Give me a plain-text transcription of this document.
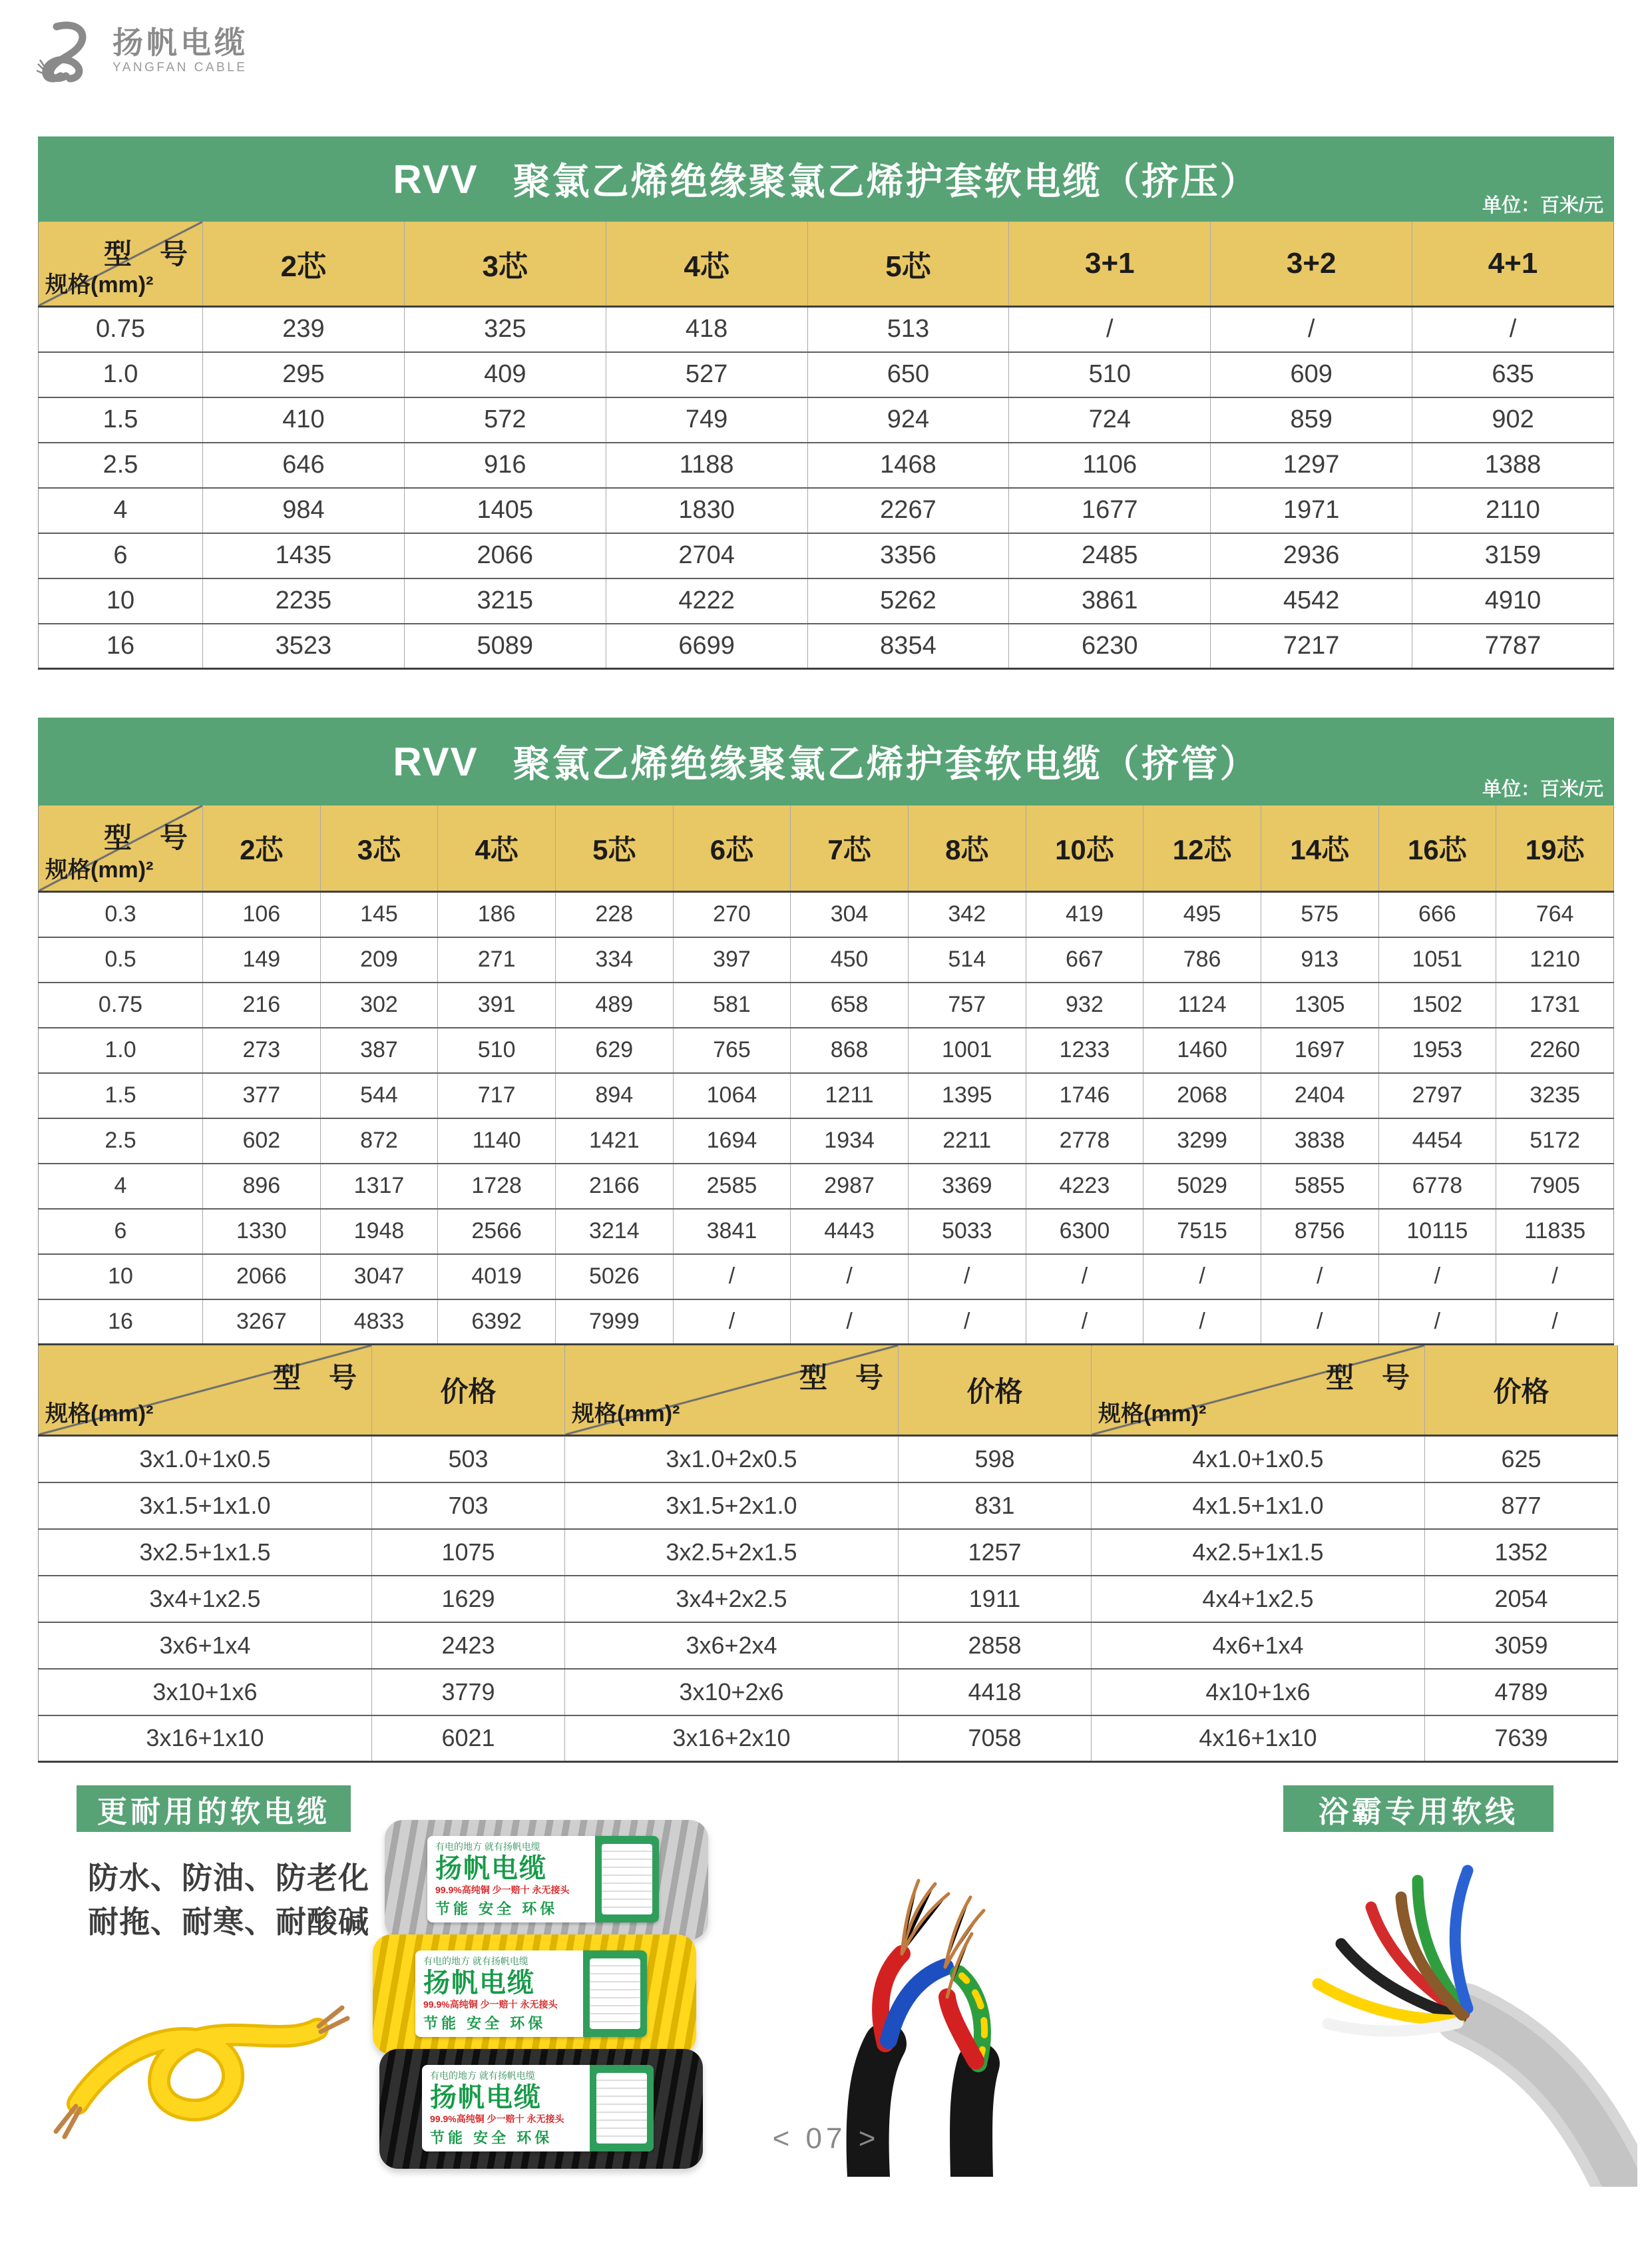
扬帆电缆
YANGFAN CABLE
RVV 聚氯乙烯绝缘聚氯乙烯护套软电缆（挤压）
单位：百米/元
型　号
规格(mm)²	2芯	3芯	4芯	5芯	3+1	3+2	4+1
0.75	239	325	418	513	/	/	/
1.0	295	409	527	650	510	609	635
1.5	410	572	749	924	724	859	902
2.5	646	916	1188	1468	1106	1297	1388
4	984	1405	1830	2267	1677	1971	2110
6	1435	2066	2704	3356	2485	2936	3159
10	2235	3215	4222	5262	3861	4542	4910
16	3523	5089	6699	8354	6230	7217	7787
RVV 聚氯乙烯绝缘聚氯乙烯护套软电缆（挤管）
单位：百米/元
型　号
规格(mm)²	2芯	3芯	4芯	5芯	6芯	7芯	8芯	10芯	12芯	14芯	16芯	19芯
0.3	106	145	186	228	270	304	342	419	495	575	666	764
0.5	149	209	271	334	397	450	514	667	786	913	1051	1210
0.75	216	302	391	489	581	658	757	932	1124	1305	1502	1731
1.0	273	387	510	629	765	868	1001	1233	1460	1697	1953	2260
1.5	377	544	717	894	1064	1211	1395	1746	2068	2404	2797	3235
2.5	602	872	1140	1421	1694	1934	2211	2778	3299	3838	4454	5172
4	896	1317	1728	2166	2585	2987	3369	4223	5029	5855	6778	7905
6	1330	1948	2566	3214	3841	4443	5033	6300	7515	8756	10115	11835
10	2066	3047	4019	5026	/	/	/	/	/	/	/	/
16	3267	4833	6392	7999	/	/	/	/	/	/	/	/
型　号
规格(mm)²	价格	型　号
规格(mm)²	价格	型　号
规格(mm)²	价格
3x1.0+1x0.5	503	3x1.0+2x0.5	598	4x1.0+1x0.5	625
3x1.5+1x1.0	703	3x1.5+2x1.0	831	4x1.5+1x1.0	877
3x2.5+1x1.5	1075	3x2.5+2x1.5	1257	4x2.5+1x1.5	1352
3x4+1x2.5	1629	3x4+2x2.5	1911	4x4+1x2.5	2054
3x6+1x4	2423	3x6+2x4	2858	4x6+1x4	3059
3x10+1x6	3779	3x10+2x6	4418	4x10+1x6	4789
3x16+1x10	6021	3x16+2x10	7058	4x16+1x10	7639
更耐用的软电缆	浴霸专用软线
防水、防油、防老化
耐拖、耐寒、耐酸碱
有电的地方 就有扬帆电缆
扬帆电缆
99.9%高纯铜 少一赔十 永无接头
节能 安全 环保
有电的地方 就有扬帆电缆
扬帆电缆
99.9%高纯铜 少一赔十 永无接头
节能 安全 环保
有电的地方 就有扬帆电缆
扬帆电缆
99.9%高纯铜 少一赔十 永无接头
节能 安全 环保	< 07 >
